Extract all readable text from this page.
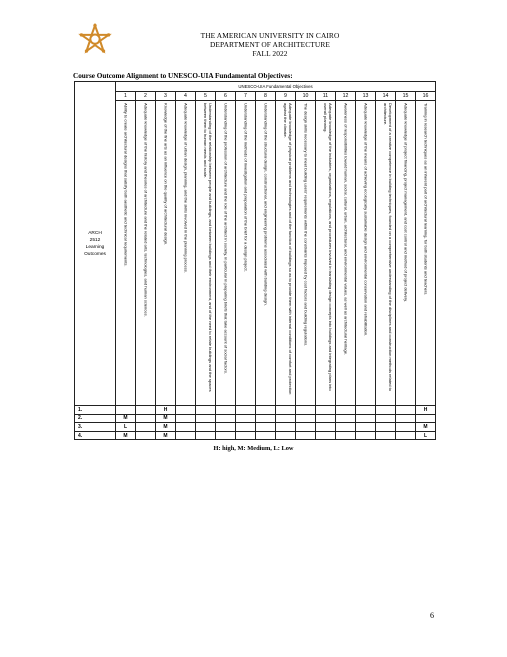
THE AMERICAN UNIVERSITY IN CAIRO
DEPARTMENT OF ARCHITECTURE
FALL 2022
Course Outcome Alignment to UNESCO-UIA Fundamental Objectives:
ARCH
2512
Learning
Outcomes	UNESCO-UIA Fundamental Objectives															
	1	2	3	4	5	6	7	8	9	10	11	12	13	14	15	16

	Ability to create architectural designs that satisfy both aesthetic and technical requirements.	Adequate knowledge of the history and theories of architecture and the related arts, technologies, and human sciences.	Knowledge of the fine arts as an influence on the quality of architectural design.	Adequate knowledge of urban design, planning, and the skills involved in the planning process.	Understanding of the relationship between people and buildings, and between buildings and their environment, and of the need to relate buildings and the spaces between them to human needs and scale.	Understanding of the profession of architecture and the role of the architect in society, in particular in preparing briefs that take account of social factors.	Understanding of the methods of investigation and preparation of the brief for a design project.	Understanding of the structural design, constructional, and engineering problems associated with building design.	Adequate knowledge of physical problems and technologies and of the function of buildings so as to provide them with internal conditions of comfort and protection against the climate.	The design skills necessary to meet building users' requirements within the constraints imposed by cost factors and building regulations.	Adequate knowledge of the industries, organizations, regulations, and procedures involved in translating design concepts into buildings and integrating plans into overall planning.	Awareness of responsibilities toward human, social, cultural, urban, architectural, and environmental values, as well as architectural heritage.	Adequate knowledge of the means of achieving ecologically sustainable design and environmental conservation and rehabilitation.	Development of a creative competence in building techniques, founded on a comprehensive understanding of the disciplines and construction methods related to architecture.	Adequate knowledge of project financing, project management, and cost control and method of project delivery.	Training in research techniques as an inherent part of architectural learning, for both students and teachers.

1.			H													H
2.	M		M													
3.	L		M													M
4.	M		M													L
H: high, M: Medium, L: Low
6
